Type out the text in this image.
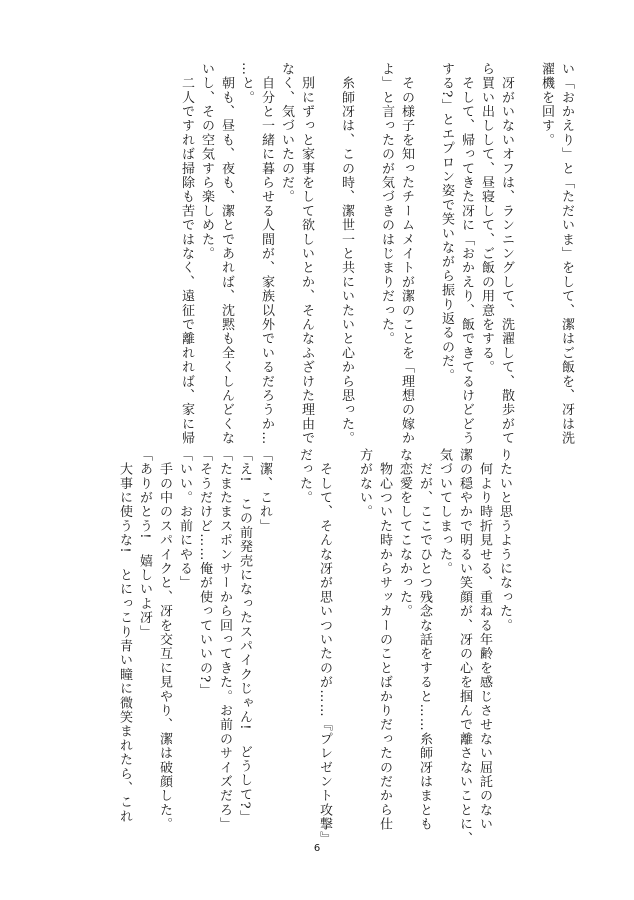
い「おかえり」と「ただいま」をして、潔はご飯を、冴は洗
濯機を回す。
　冴がいないオフは、ランニングして、洗濯して、散歩がて
ら買い出しして、昼寝して、ご飯の用意をする。
　そして、帰ってきた冴に「おかえり、飯できてるけどどう
する?」とエプロン姿で笑いながら振り返るのだ。
　その様子を知ったチームメイトが潔のことを「理想の嫁か
よ」と言ったのが気づきのはじまりだった。
　糸師冴は、この時、潔世一と共にいたいと心から思った。
　別にずっと家事をして欲しいとか、そんなふざけた理由で
なく、気づいたのだ。
　自分と一緒に暮らせる人間が、家族以外でいるだろうか…
…と。
　朝も、昼も、夜も、潔とであれば、沈黙も全くしんどくな
いし、その空気すら楽しめた。
　二人ですれば掃除も苦ではなく、遠征で離れれば、家に帰
りたいと思うようになった。
　何より時折見せる、重ねる年齢を感じさせない屈託のない
潔の穏やかで明るい笑顔が、冴の心を掴んで離さないことに、
気づいてしまった。
　だが、ここでひとつ残念な話をすると……糸師冴はまとも
な恋愛をしてこなかった。
　物心ついた時からサッカーのことばかりだったのだから仕
方がない。
　そして、そんな冴が思いついたのが……『プレゼント攻撃』
だった。
「潔、これ」
「え!　この前発売になったスパイクじゃん!　どうして?」
「たまたまスポンサーから回ってきた。お前のサイズだろ」
「そうだけど……俺が使っていいの?」
「いい。お前にやる」
　手の中のスパイクと、冴を交互に見やり、潔は破顔した。
「ありがとう!　嬉しいよ冴」
　大事に使うな!　とにっこり青い瞳に微笑まれたら、これ
6
